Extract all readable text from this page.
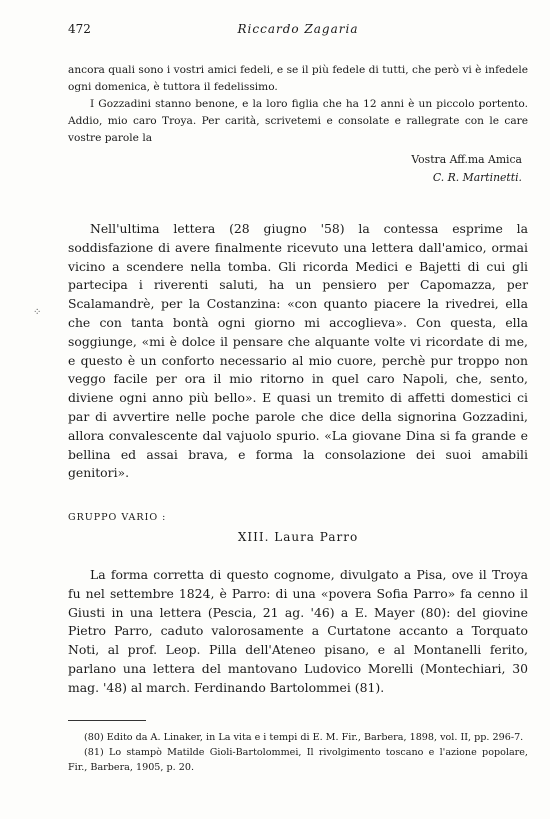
472	Riccardo Zagaria

ancora quali sono i vostri amici fedeli, e se il più fedele di tutti, che però vi è infedele ogni domenica, è tuttora il fedelissimo.

I Gozzadini stanno benone, e la loro figlia che ha 12 anni è un piccolo portento. Addio, mio caro Troya. Per carità, scrivetemi e consolate e rallegrate con le care vostre parole la

Vostra Aff.ma Amica

C. R. Martinetti.

⁘

Nell'ultima lettera (28 giugno '58) la contessa esprime la soddisfazione di avere finalmente ricevuto una lettera dall'amico, ormai vicino a scendere nella tomba. Gli ricorda Medici e Bajetti di cui gli partecipa i riverenti saluti, ha un pensiero per Capomazza, per Scalamandrè, per la Costanzina: «con quanto piacere la rivedrei, ella che con tanta bontà ogni giorno mi accoglieva». Con questa, ella soggiunge, «mi è dolce il pensare che alquante volte vi ricordate di me, e questo è un conforto necessario al mio cuore, perchè pur troppo non veggo facile per ora il mio ritorno in quel caro Napoli, che, sento, diviene ogni anno più bello». E quasi un tremito di affetti domestici ci par di avvertire nelle poche parole che dice della signorina Gozzadini, allora convalescente dal vajuolo spurio. «La giovane Dina si fa grande e bellina ed assai brava, e forma la consolazione dei suoi amabili genitori».

GRUPPO VARIO :

XIII. Laura Parro

La forma corretta di questo cognome, divulgato a Pisa, ove il Troya fu nel settembre 1824, è Parro: di una «povera Sofia Parro» fa cenno il Giusti in una lettera (Pescia, 21 ag. '46) a E. Mayer (80): del giovine Pietro Parro, caduto valorosamente a Curtatone accanto a Torquato Noti, al prof. Leop. Pilla dell'Ateneo pisano, e al Montanelli ferito, parlano una lettera del mantovano Ludovico Morelli (Montechiari, 30 mag. '48) al march. Ferdinando Bartolommei (81).

(80) Edito da A. Linaker, in La vita e i tempi di E. M. Fir., Barbera, 1898, vol. II, pp. 296-7.

(81) Lo stampò Matilde Gioli-Bartolommei, Il rivolgimento toscano e l'azione popolare, Fir., Barbera, 1905, p. 20.
